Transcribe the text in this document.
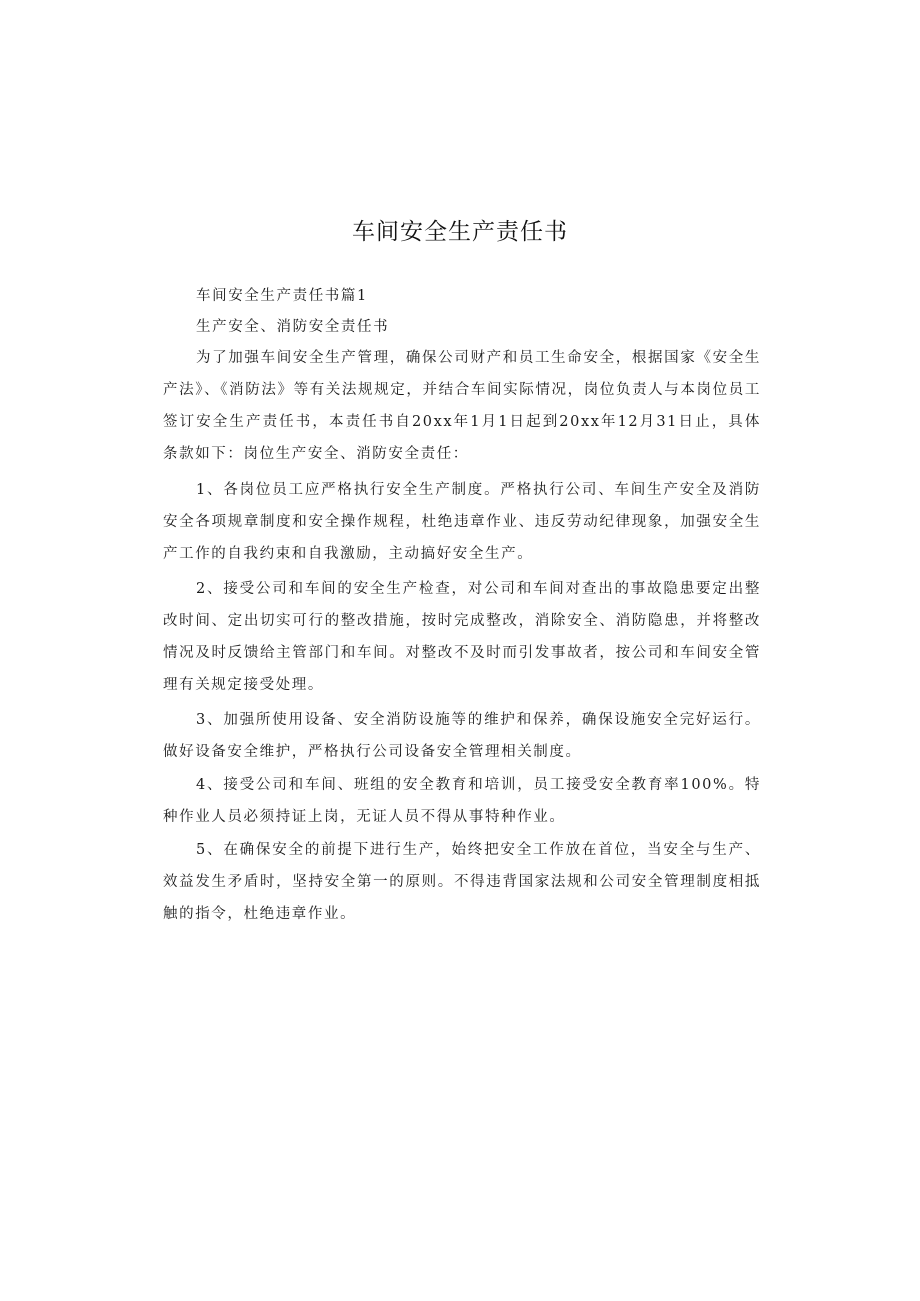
车间安全生产责任书
车间安全生产责任书篇1
生产安全、消防安全责任书

为了加强车间安全生产管理，确保公司财产和员工生命安全，根据国家《安全生产法》、《消防法》等有关法规规定，并结合车间实际情况，岗位负责人与本岗位员工签订安全生产责任书，本责任书自20xx年1月1日起到20xx年12月31日止，具体条款如下：岗位生产安全、消防安全责任：

1、各岗位员工应严格执行安全生产制度。严格执行公司、车间生产安全及消防安全各项规章制度和安全操作规程，杜绝违章作业、违反劳动纪律现象，加强安全生产工作的自我约束和自我激励，主动搞好安全生产。

2、接受公司和车间的安全生产检查，对公司和车间对查出的事故隐患要定出整改时间、定出切实可行的整改措施，按时完成整改，消除安全、消防隐患，并将整改情况及时反馈给主管部门和车间。对整改不及时而引发事故者，按公司和车间安全管理有关规定接受处理。

3、加强所使用设备、安全消防设施等的维护和保养，确保设施安全完好运行。做好设备安全维护，严格执行公司设备安全管理相关制度。

4、接受公司和车间、班组的安全教育和培训，员工接受安全教育率100%。特种作业人员必须持证上岗，无证人员不得从事特种作业。

5、在确保安全的前提下进行生产，始终把安全工作放在首位，当安全与生产、效益发生矛盾时，坚持安全第一的原则。不得违背国家法规和公司安全管理制度相抵触的指令，杜绝违章作业。
